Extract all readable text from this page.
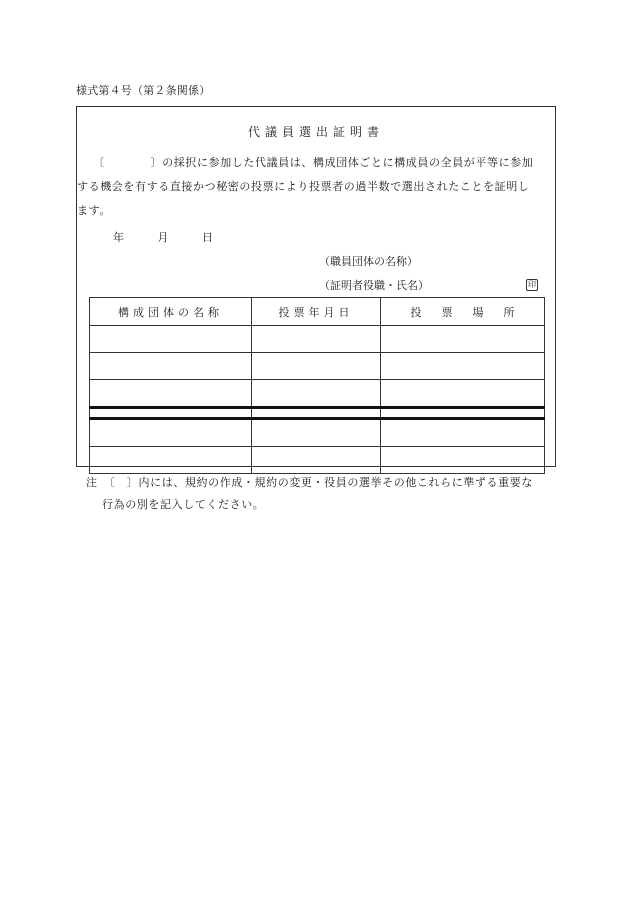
様式第４号（第２条関係）
代議員選出証明書
〔	〕の採択に参加した代議員は、構成団体ごとに構成員の全員が平等に参加
する機会を有する直接かつ秘密の投票により投票者の過半数で選出されたことを証明し
ます。
年	月	日
（職員団体の名称）
（証明者役職・氏名）	印
構成団体の名称	投票年月日	投 票 場 所

注　 〔　〕内には、規約の作成・規約の変更・役員の選挙その他これらに準ずる重要な
行為の別を記入してください。
